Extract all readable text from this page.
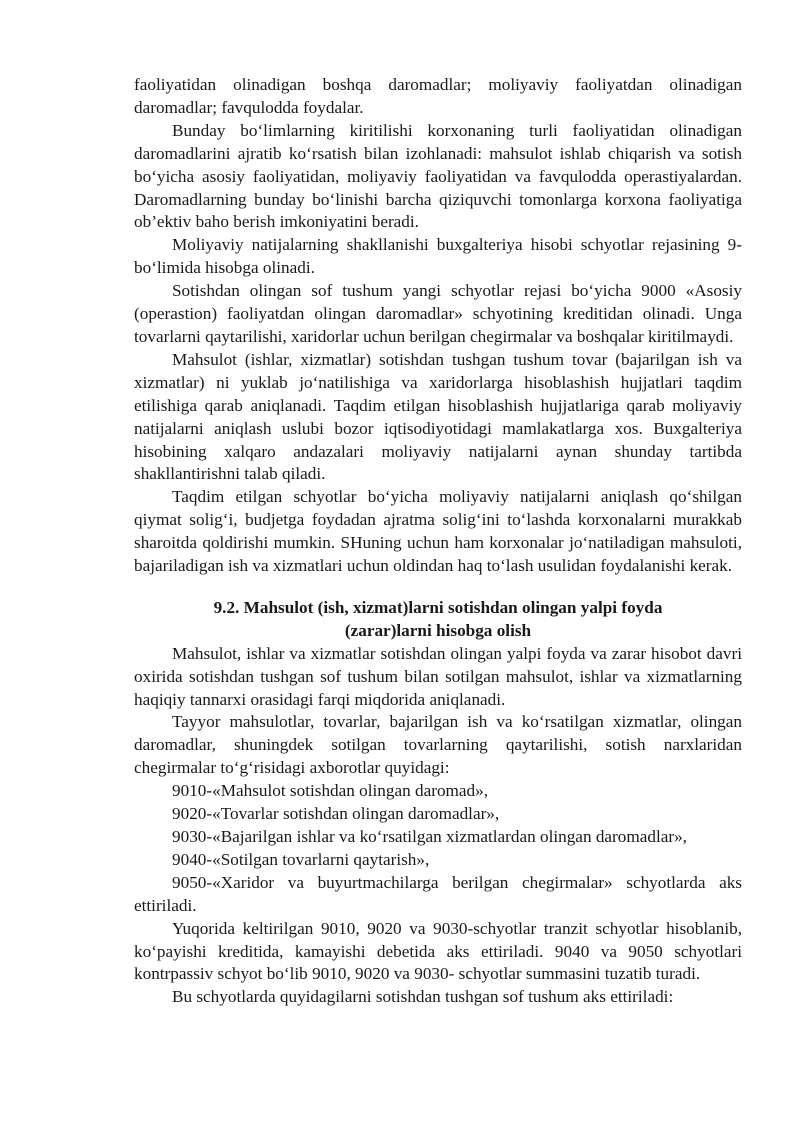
faoliyatidan olinadigan boshqa daromadlar; moliyaviy faoliyatdan olinadigan daromadlar; favqulodda foydalar.

Bunday bo‘limlarning kiritilishi korxonaning turli faoliyatidan olinadigan daromadlarini ajratib ko‘rsatish bilan izohlanadi: mahsulot ishlab chiqarish va sotish bo‘yicha asosiy faoliyatidan, moliyaviy faoliyatidan va favqulodda operastiyalardan. Daromadlarning bunday bo‘linishi barcha qiziquvchi tomonlarga korxona faoliyatiga ob’ektiv baho berish imkoniyatini beradi.

Moliyaviy natijalarning shakllanishi buxgalteriya hisobi schyotlar rejasining 9- bo‘limida hisobga olinadi.

Sotishdan olingan sof tushum yangi schyotlar rejasi bo‘yicha 9000 «Asosiy (operastion) faoliyatdan olingan daromadlar» schyotining kreditidan olinadi. Unga tovarlarni qaytarilishi, xaridorlar uchun berilgan chegirmalar va boshqalar kiritilmaydi.

Mahsulot (ishlar, xizmatlar) sotishdan tushgan tushum tovar (bajarilgan ish va xizmatlar) ni yuklab jo‘natilishiga va xaridorlarga hisoblashish hujjatlari taqdim etilishiga qarab aniqlanadi. Taqdim etilgan hisoblashish hujjatlariga qarab moliyaviy natijalarni aniqlash uslubi bozor iqtisodiyotidagi mamlakatlarga xos. Buxgalteriya hisobining xalqaro andazalari moliyaviy natijalarni aynan shunday tartibda shakllantirishni talab qiladi.

Taqdim etilgan schyotlar bo‘yicha moliyaviy natijalarni aniqlash qo‘shilgan qiymat solig‘i, budjetga foydadan ajratma solig‘ini to‘lashda korxonalarni murakkab sharoitda qoldirishi mumkin. SHuning uchun ham korxonalar jo‘natiladigan mahsuloti, bajariladigan ish va xizmatlari uchun oldindan haq to‘lash usulidan foydalanishi kerak.

9.2. Mahsulot (ish, xizmat)larni sotishdan olingan yalpi foyda
(zarar)larni hisobga olish

Mahsulot, ishlar va xizmatlar sotishdan olingan yalpi foyda va zarar hisobot davri oxirida sotishdan tushgan sof tushum bilan sotilgan mahsulot, ishlar va xizmatlarning haqiqiy tannarxi orasidagi farqi miqdorida aniqlanadi.

Tayyor mahsulotlar, tovarlar, bajarilgan ish va ko‘rsatilgan xizmatlar, olingan daromadlar, shuningdek sotilgan tovarlarning qaytarilishi, sotish narxlaridan chegirmalar to‘g‘risidagi axborotlar quyidagi:

9010-«Mahsulot sotishdan olingan daromad»,

9020-«Tovarlar sotishdan olingan daromadlar»,

9030-«Bajarilgan ishlar va ko‘rsatilgan xizmatlardan olingan daromadlar»,

9040-«Sotilgan tovarlarni qaytarish»,

9050-«Xaridor va buyurtmachilarga berilgan chegirmalar» schyotlarda aks ettiriladi.

Yuqorida keltirilgan 9010, 9020 va 9030-schyotlar tranzit schyotlar hisoblanib, ko‘payishi kreditida, kamayishi debetida aks ettiriladi. 9040 va 9050 schyotlari kontrpassiv schyot bo‘lib 9010, 9020 va 9030- schyotlar summasini tuzatib turadi.

Bu schyotlarda quyidagilarni sotishdan tushgan sof tushum aks ettiriladi:
